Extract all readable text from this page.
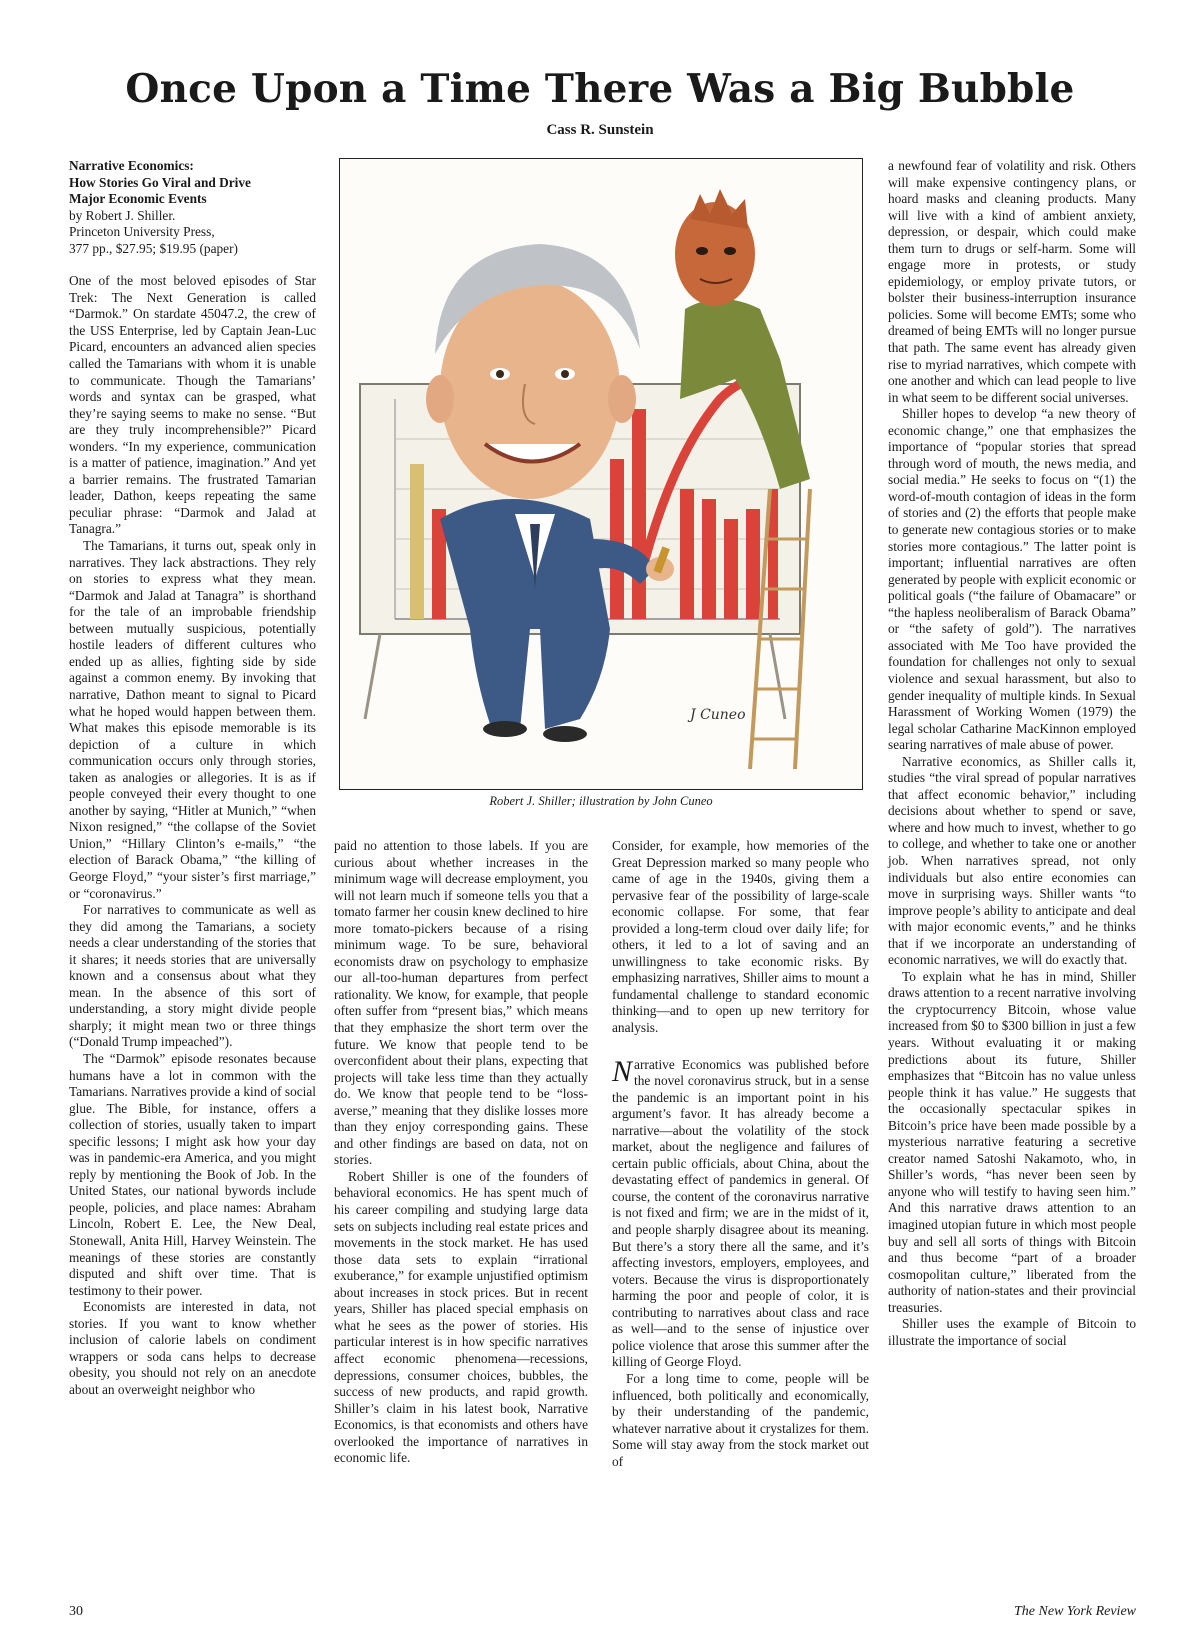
Once Upon a Time There Was a Big Bubble

Cass R. Sunstein

Narrative Economics:
How Stories Go Viral and Drive
Major Economic Events
by Robert J. Shiller.
Princeton University Press,
377 pp., $27.95; $19.95 (paper)

One of the most beloved episodes of Star Trek: The Next Generation is called “Darmok.” On stardate 45047.2, the crew of the USS Enterprise, led by Captain Jean-Luc Picard, encounters an advanced alien species called the Tamarians with whom it is unable to communicate. Though the Tamarians’ words and syntax can be grasped, what they’re saying seems to make no sense. “But are they truly incomprehensible?” Picard wonders. “In my experience, communication is a matter of patience, imagination.” And yet a barrier remains. The frustrated Tamarian leader, Dathon, keeps repeating the same peculiar phrase: “Darmok and Jalad at Tanagra.”

The Tamarians, it turns out, speak only in narratives. They lack abstractions. They rely on stories to express what they mean. “Darmok and Jalad at Tanagra” is shorthand for the tale of an improbable friendship between mutually suspicious, potentially hostile leaders of different cultures who ended up as allies, fighting side by side against a common enemy. By invoking that narrative, Dathon meant to signal to Picard what he hoped would happen between them. What makes this episode memorable is its depiction of a culture in which communication occurs only through stories, taken as analogies or allegories. It is as if people conveyed their every thought to one another by saying, “Hitler at Munich,” “when Nixon resigned,” “the collapse of the Soviet Union,” “Hillary Clinton’s e-mails,” “the election of Barack Obama,” “the killing of George Floyd,” “your sister’s first marriage,” or “coronavirus.”

For narratives to communicate as well as they did among the Tamarians, a society needs a clear understanding of the stories that it shares; it needs stories that are universally known and a consensus about what they mean. In the absence of this sort of understanding, a story might divide people sharply; it might mean two or three things (“Donald Trump impeached”).

The “Darmok” episode resonates because humans have a lot in common with the Tamarians. Narratives provide a kind of social glue. The Bible, for instance, offers a collection of stories, usually taken to impart specific lessons; I might ask how your day was in pandemic-era America, and you might reply by mentioning the Book of Job. In the United States, our national bywords include people, policies, and place names: Abraham Lincoln, Robert E. Lee, the New Deal, Stonewall, Anita Hill, Harvey Weinstein. The meanings of these stories are constantly disputed and shift over time. That is testimony to their power.

Economists are interested in data, not stories. If you want to know whether inclusion of calorie labels on condiment wrappers or soda cans helps to decrease obesity, you should not rely on an anecdote about an overweight neighbor who

J Cuneo

Robert J. Shiller; illustration by John Cuneo

paid no attention to those labels. If you are curious about whether increases in the minimum wage will decrease employment, you will not learn much if someone tells you that a tomato farmer her cousin knew declined to hire more tomato-pickers because of a rising minimum wage. To be sure, behavioral economists draw on psychology to emphasize our all-too-human departures from perfect rationality. We know, for example, that people often suffer from “present bias,” which means that they emphasize the short term over the future. We know that people tend to be overconfident about their plans, expecting that projects will take less time than they actually do. We know that people tend to be “loss-averse,” meaning that they dislike losses more than they enjoy corresponding gains. These and other findings are based on data, not on stories.

Robert Shiller is one of the founders of behavioral economics. He has spent much of his career compiling and studying large data sets on subjects including real estate prices and movements in the stock market. He has used those data sets to explain “irrational exuberance,” for example unjustified optimism about increases in stock prices. But in recent years, Shiller has placed special emphasis on what he sees as the power of stories. His particular interest is in how specific narratives affect economic phenomena—recessions, depressions, consumer choices, bubbles, the success of new products, and rapid growth. Shiller’s claim in his latest book, Narrative Economics, is that economists and others have overlooked the importance of narratives in economic life.

Consider, for example, how memories of the Great Depression marked so many people who came of age in the 1940s, giving them a pervasive fear of the possibility of large-scale economic collapse. For some, that fear provided a long-term cloud over daily life; for others, it led to a lot of saving and an unwillingness to take economic risks. By emphasizing narratives, Shiller aims to mount a fundamental challenge to standard economic thinking—and to open up new territory for analysis.

Narrative Economics was published before the novel coronavirus struck, but in a sense the pandemic is an important point in his argument’s favor. It has already become a narrative—about the volatility of the stock market, about the negligence and failures of certain public officials, about China, about the devastating effect of pandemics in general. Of course, the content of the coronavirus narrative is not fixed and firm; we are in the midst of it, and people sharply disagree about its meaning. But there’s a story there all the same, and it’s affecting investors, employers, employees, and voters. Because the virus is disproportionately harming the poor and people of color, it is contributing to narratives about class and race as well—and to the sense of injustice over police violence that arose this summer after the killing of George Floyd.

For a long time to come, people will be influenced, both politically and economically, by their understanding of the pandemic, whatever narrative about it crystalizes for them. Some will stay away from the stock market out of

a newfound fear of volatility and risk. Others will make expensive contingency plans, or hoard masks and cleaning products. Many will live with a kind of ambient anxiety, depression, or despair, which could make them turn to drugs or self-harm. Some will engage more in protests, or study epidemiology, or employ private tutors, or bolster their business-interruption insurance policies. Some will become EMTs; some who dreamed of being EMTs will no longer pursue that path. The same event has already given rise to myriad narratives, which compete with one another and which can lead people to live in what seem to be different social universes.

Shiller hopes to develop “a new theory of economic change,” one that emphasizes the importance of “popular stories that spread through word of mouth, the news media, and social media.” He seeks to focus on “(1) the word-of-mouth contagion of ideas in the form of stories and (2) the efforts that people make to generate new contagious stories or to make stories more contagious.” The latter point is important; influential narratives are often generated by people with explicit economic or political goals (“the failure of Obamacare” or “the hapless neoliberalism of Barack Obama” or “the safety of gold”). The narratives associated with Me Too have provided the foundation for challenges not only to sexual violence and sexual harassment, but also to gender inequality of multiple kinds. In Sexual Harassment of Working Women (1979) the legal scholar Catharine MacKinnon employed searing narratives of male abuse of power.

Narrative economics, as Shiller calls it, studies “the viral spread of popular narratives that affect economic behavior,” including decisions about whether to spend or save, where and how much to invest, whether to go to college, and whether to take one or another job. When narratives spread, not only individuals but also entire economies can move in surprising ways. Shiller wants “to improve people’s ability to anticipate and deal with major economic events,” and he thinks that if we incorporate an understanding of economic narratives, we will do exactly that.

To explain what he has in mind, Shiller draws attention to a recent narrative involving the cryptocurrency Bitcoin, whose value increased from $0 to $300 billion in just a few years. Without evaluating it or making predictions about its future, Shiller emphasizes that “Bitcoin has no value unless people think it has value.” He suggests that the occasionally spectacular spikes in Bitcoin’s price have been made possible by a mysterious narrative featuring a secretive creator named Satoshi Nakamoto, who, in Shiller’s words, “has never been seen by anyone who will testify to having seen him.” And this narrative draws attention to an imagined utopian future in which most people buy and sell all sorts of things with Bitcoin and thus become “part of a broader cosmopolitan culture,” liberated from the authority of nation-states and their provincial treasuries.

Shiller uses the example of Bitcoin to illustrate the importance of social

30	The New York Review
